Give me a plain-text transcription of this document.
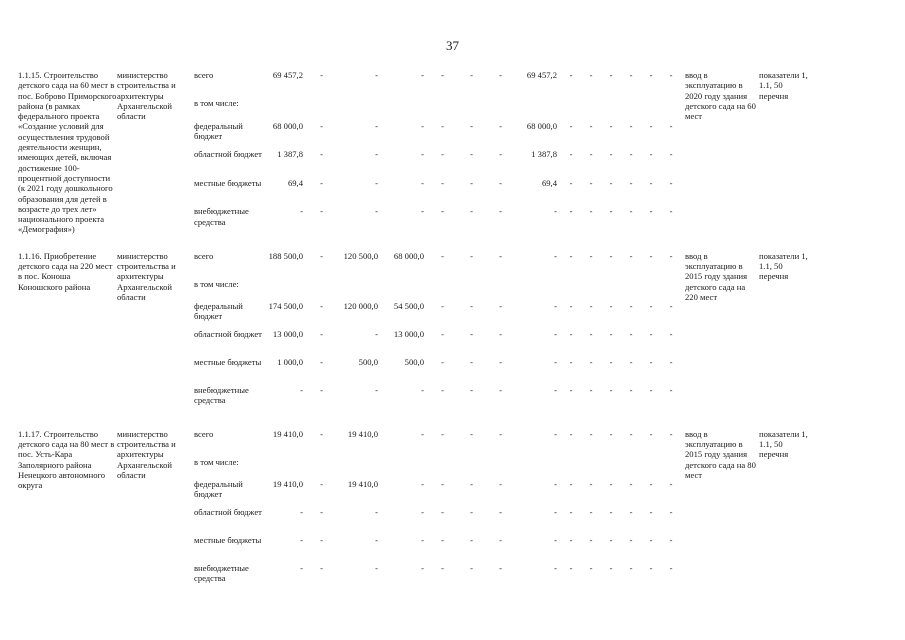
37
1.1.15. Строительство детского сада на 60 мест в пос. Боброво Приморского района (в рамках федерального проекта «Создание условий для осуществления трудовой деятельности женщин, имеющих детей, включая достижение 100-процентной доступности (к 2021 году дошкольного образования для детей в возрасте до трех лет» национального проекта «Демография»)	министерство строительства и архитектуры Архангельской области	всего	69 457,2	-	-	-	-	-	-	69 457,2	-	-	-	-	-	-	ввод в эксплуатацию в 2020 году здания детского сада на 60 мест	показатели 1, 1.1, 50 перечня
		в том числе:																
		федеральный бюджет	68 000,0	-	-	-	-	-	-	68 000,0	-	-	-	-	-	-		
		областной бюджет	1 387,8	-	-	-	-	-	-	1 387,8	-	-	-	-	-	-		
		местные бюджеты	69,4	-	-	-	-	-	-	69,4	-	-	-	-	-	-		
		внебюджетные средства	-	-	-	-	-	-	-	-	-	-	-	-	-	-		

1.1.16. Приобретение детского сада на 220 мест в пос. Коноша Коношского района	министерство строительства и архитектуры Архангельской области	всего	188 500,0	-	120 500,0	68 000,0	-	-	-	-	-	-	-	-	-	-	ввод в эксплуатацию в 2015 году здания детского сада на 220 мест	показатели 1, 1.1, 50 перечня
		в том числе:																
		федеральный бюджет	174 500,0	-	120 000,0	54 500,0	-	-	-	-	-	-	-	-	-	-		
		областной бюджет	13 000,0	-	-	13 000,0	-	-	-	-	-	-	-	-	-	-		
		местные бюджеты	1 000,0	-	500,0	500,0	-	-	-	-	-	-	-	-	-	-		
		внебюджетные средства	-	-	-	-	-	-	-	-	-	-	-	-	-	-		

1.1.17. Строительство детского сада на 80 мест в пос. Усть-Кара Заполярного района Ненецкого автономного округа	министерство строительства и архитектуры Архангельской области	всего	19 410,0	-	19 410,0	-	-	-	-	-	-	-	-	-	-	-	ввод в эксплуатацию в 2015 году здания детского сада на 80 мест	показатели 1, 1.1, 50 перечня
		в том числе:																
		федеральный бюджет	19 410,0	-	19 410,0	-	-	-	-	-	-	-	-	-	-	-		
		областной бюджет	-	-	-	-	-	-	-	-	-	-	-	-	-	-		
		местные бюджеты	-	-	-	-	-	-	-	-	-	-	-	-	-	-		
		внебюджетные средства	-	-	-	-	-	-	-	-	-	-	-	-	-	-		
